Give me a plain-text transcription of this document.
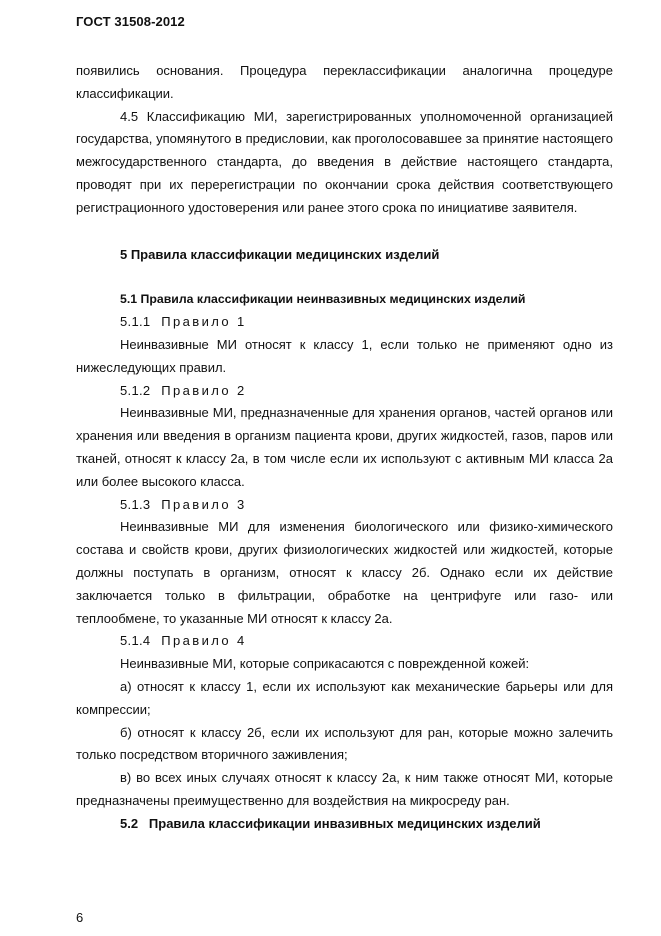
ГОСТ 31508-2012

появились основания. Процедура переклассификации аналогична процедуре классификации.

4.5 Классификацию МИ, зарегистрированных уполномоченной организацией государства, упомянутого в предисловии, как проголосовавшее за принятие настоящего межгосударственного стандарта, до введения в действие настоящего стандарта, проводят при их перерегистрации по окончании срока действия соответствующего регистрационного удостоверения или ранее этого срока по инициативе заявителя.

5 Правила классификации медицинских изделий

5.1 Правила классификации неинвазивных медицинских изделий

5.1.1 Правило 1

Неинвазивные МИ относят к классу 1, если только не применяют одно из нижеследующих правил.

5.1.2 Правило 2

Неинвазивные МИ, предназначенные для хранения органов, частей органов или хранения или введения в организм пациента крови, других жидкостей, газов, паров или тканей, относят к классу 2а, в том числе если их используют с активным МИ класса 2а или более высокого класса.

5.1.3 Правило 3

Неинвазивные МИ для изменения биологического или физико-химического состава и свойств крови, других физиологических жидкостей или жидкостей, которые должны поступать в организм, относят к классу 2б. Однако если их действие заключается только в фильтрации, обработке на центрифуге или газо- или теплообмене, то указанные МИ относят к классу 2а.

5.1.4 Правило 4

Неинвазивные МИ, которые соприкасаются с поврежденной кожей:

а) относят к классу 1, если их используют как механические барьеры или для компрессии;

б) относят к классу 2б, если их используют для ран, которые можно залечить только посредством вторичного заживления;

в) во всех иных случаях относят к классу 2а, к ним также относят МИ, которые предназначены преимущественно для воздействия на микросреду ран.

5.2   Правила классификации инвазивных медицинских изделий

6
